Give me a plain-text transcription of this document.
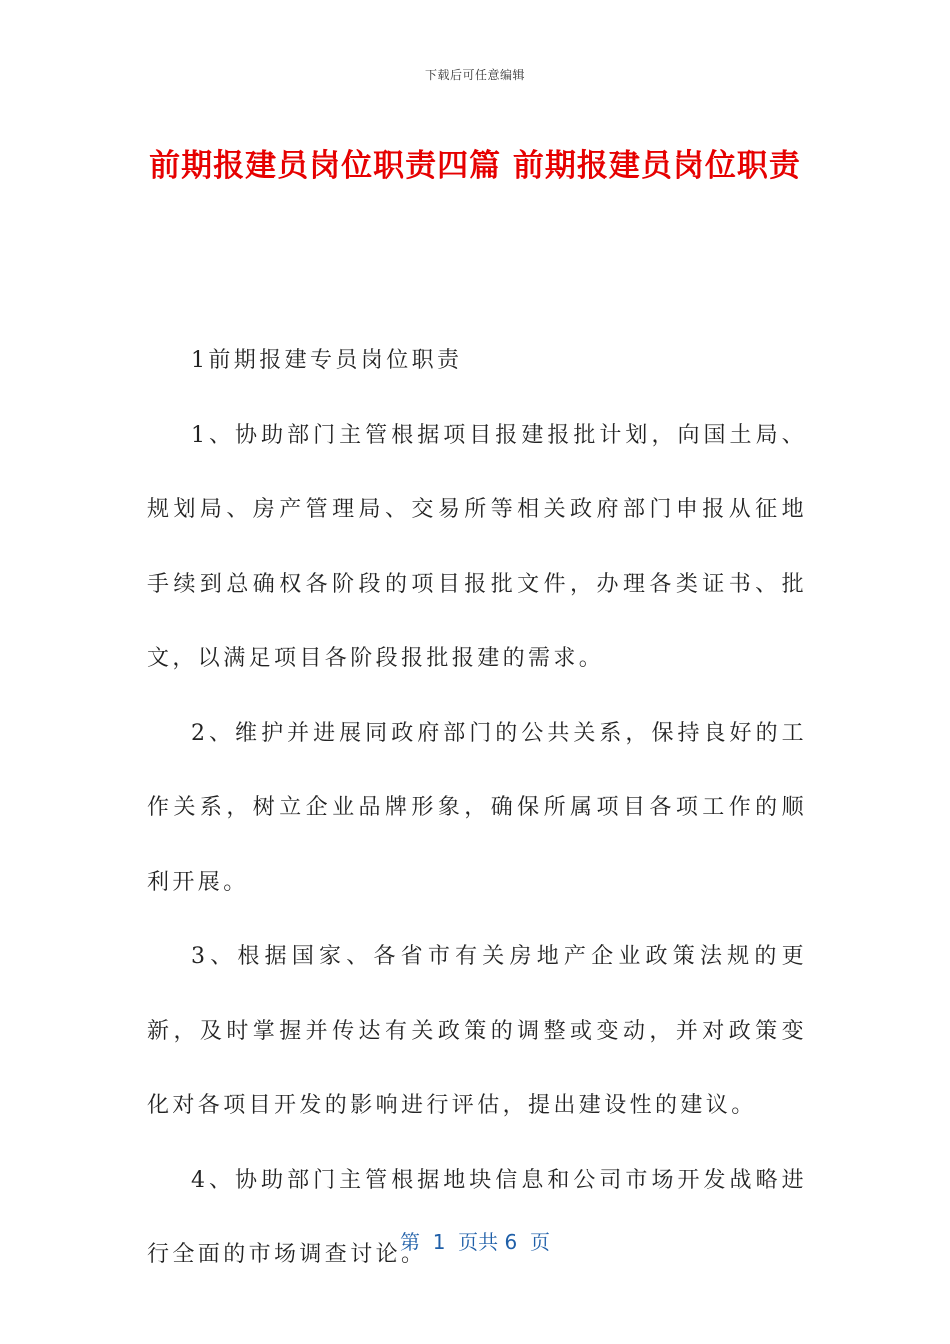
下载后可任意编辑
前期报建员岗位职责四篇 前期报建员岗位职责

1前期报建专员岗位职责

1、协助部门主管根据项目报建报批计划，向国土局、规划局、房产管理局、交易所等相关政府部门申报从征地手续到总确权各阶段的项目报批文件，办理各类证书、批文，以满足项目各阶段报批报建的需求。

2、维护并进展同政府部门的公共关系，保持良好的工作关系，树立企业品牌形象，确保所属项目各项工作的顺利开展。

3、根据国家、各省市有关房地产企业政策法规的更新，及时掌握并传达有关政策的调整或变动，并对政策变化对各项目开发的影响进行评估，提出建设性的建议。

4、协助部门主管根据地块信息和公司市场开发战略进行全面的市场调查讨论。

第  1  页共 6  页
